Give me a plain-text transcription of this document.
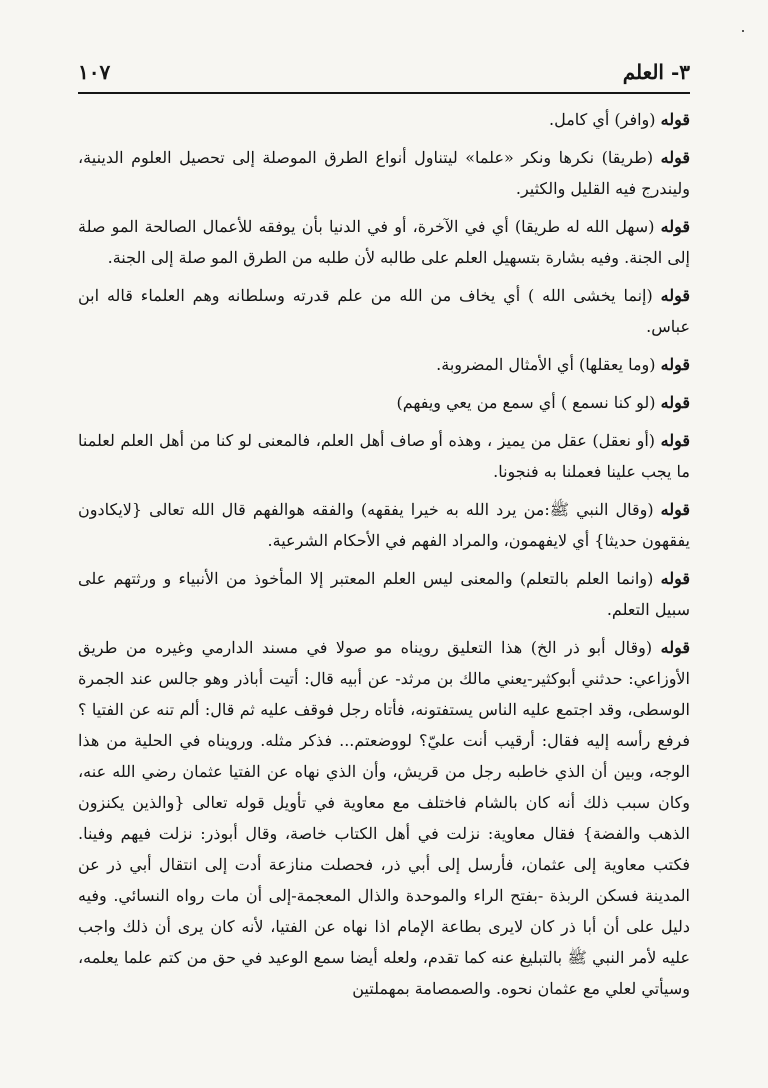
٣- العلم
١٠٧

قوله (وافر) أي كامل.

قوله (طريقا) نكرها ونكر «علما» ليتناول أنواع الطرق الموصلة إلى تحصيل العلوم الدينية، وليندرج فيه القليل والكثير.

قوله (سهل الله له طريقا) أي في الآخرة، أو في الدنيا بأن يوفقه للأعمال الصالحة المو صلة إلى الجنة. وفيه بشارة بتسهيل العلم على طالبه لأن طلبه من الطرق المو صلة إلى الجنة.

قوله (إنما يخشى الله ) أي يخاف من الله من علم قدرته وسلطانه وهم العلماء قاله ابن عباس.

قوله (وما يعقلها) أي الأمثال المضروبة.

قوله (لو كنا نسمع ) أي سمع من يعي ويفهم)

قوله (أو نعقل) عقل من يميز ، وهذه أو صاف أهل العلم، فالمعنى لو كنا من أهل العلم لعلمنا ما يجب علينا فعملنا به فنجونا.

قوله (وقال النبي ﷺ:من يرد الله به خيرا يفقهه) والفقه هوالفهم قال الله تعالى {لايكادون يفقهون حديثا} أي لايفهمون، والمراد الفهم في الأحكام الشرعية.

قوله (وانما العلم بالتعلم) والمعنى ليس العلم المعتبر إلا المأخوذ من الأنبياء و ورثتهم على سبيل التعلم.

قوله (وقال أبو ذر الخ) هذا التعليق رويناه مو صولا في مسند الدارمي وغيره من طريق الأوزاعي: حدثني أبوكثير-يعني مالك بن مرثد- عن أبيه قال: أتيت أباذر وهو جالس عند الجمرة الوسطى، وقد اجتمع عليه الناس يستفتونه، فأتاه رجل فوقف عليه ثم قال: ألم تنه عن الفتيا ؟ فرفع رأسه إليه فقال: أرقيب أنت عليّ؟ لووضعتم... فذكر مثله. ورويناه في الحلية من هذا الوجه، وبين أن الذي خاطبه رجل من قريش، وأن الذي نهاه عن الفتيا عثمان رضي الله عنه، وكان سبب ذلك أنه كان بالشام فاختلف مع معاوية في تأويل قوله تعالى {والذين يكنزون الذهب والفضة} فقال معاوية: نزلت في أهل الكتاب خاصة، وقال أبوذر: نزلت فيهم وفينا. فكتب معاوية إلى عثمان، فأرسل إلى أبي ذر، فحصلت منازعة أدت إلى انتقال أبي ذر عن المدينة فسكن الربذة -بفتح الراء والموحدة والذال المعجمة-إلى أن مات رواه النسائي. وفيه دليل على أن أبا ذر كان لايرى بطاعة الإمام اذا نهاه عن الفتيا، لأنه كان يرى أن ذلك واجب عليه لأمر النبي ﷺ بالتبليغ عنه كما تقدم، ولعله أيضا سمع الوعيد في حق من كتم علما يعلمه، وسيأتي لعلي مع عثمان نحوه. والصمصامة بمهملتين
